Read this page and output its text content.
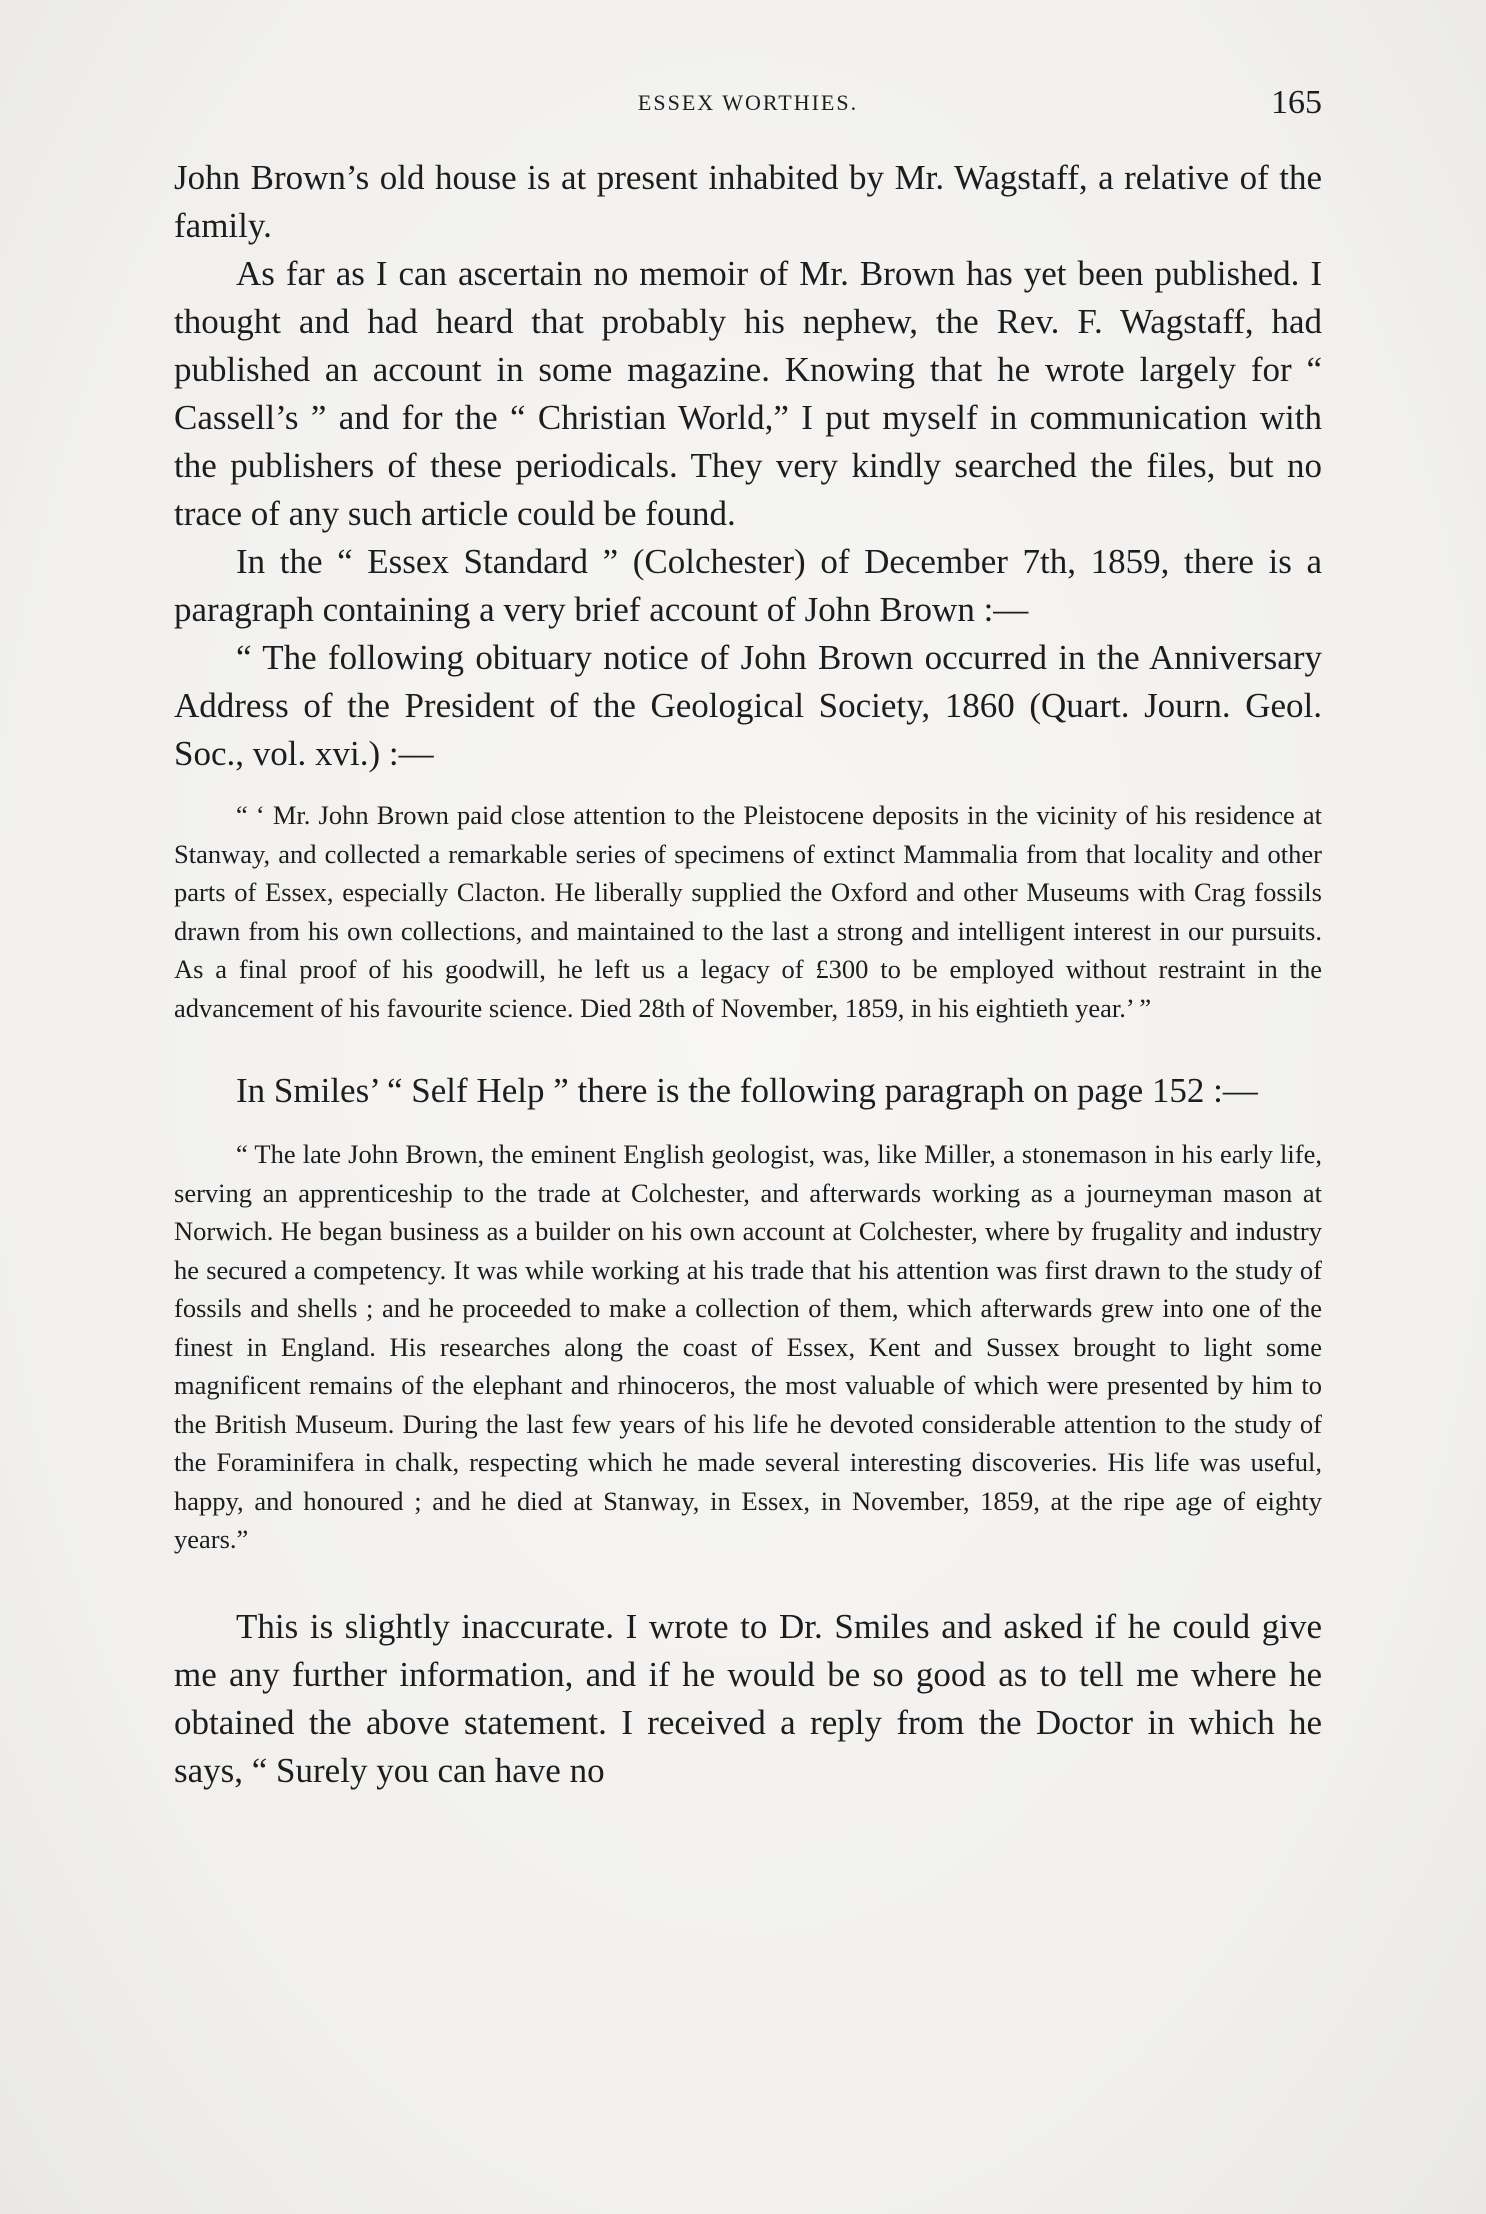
ESSEX WORTHIES.	165

John Brown’s old house is at present inhabited by Mr. Wagstaff, a relative of the family.

As far as I can ascertain no memoir of Mr. Brown has yet been published. I thought and had heard that probably his nephew, the Rev. F. Wagstaff, had published an account in some magazine. Knowing that he wrote largely for “ Cassell’s ” and for the “ Christian World,” I put myself in communication with the publishers of these periodicals. They very kindly searched the files, but no trace of any such article could be found.

In the “ Essex Standard ” (Colchester) of December 7th, 1859, there is a paragraph containing a very brief account of John Brown :—

“ The following obituary notice of John Brown occurred in the Anniversary Address of the President of the Geological Society, 1860 (Quart. Journ. Geol. Soc., vol. xvi.) :—

“ ‘ Mr. John Brown paid close attention to the Pleistocene deposits in the vicinity of his residence at Stanway, and collected a remarkable series of specimens of extinct Mammalia from that locality and other parts of Essex, especially Clacton. He liberally supplied the Oxford and other Museums with Crag fossils drawn from his own collections, and maintained to the last a strong and intelligent interest in our pursuits. As a final proof of his goodwill, he left us a legacy of £300 to be employed without restraint in the advancement of his favourite science. Died 28th of November, 1859, in his eightieth year.’ ”

In Smiles’ “ Self Help ” there is the following paragraph on page 152 :—

“ The late John Brown, the eminent English geologist, was, like Miller, a stonemason in his early life, serving an apprenticeship to the trade at Colchester, and afterwards working as a journeyman mason at Norwich. He began business as a builder on his own account at Colchester, where by frugality and industry he secured a competency. It was while working at his trade that his attention was first drawn to the study of fossils and shells ; and he proceeded to make a collection of them, which afterwards grew into one of the finest in England. His researches along the coast of Essex, Kent and Sussex brought to light some magnificent remains of the elephant and rhinoceros, the most valuable of which were presented by him to the British Museum. During the last few years of his life he devoted considerable attention to the study of the Foraminifera in chalk, respecting which he made several interesting discoveries. His life was useful, happy, and honoured ; and he died at Stanway, in Essex, in November, 1859, at the ripe age of eighty years.”

This is slightly inaccurate. I wrote to Dr. Smiles and asked if he could give me any further information, and if he would be so good as to tell me where he obtained the above statement. I received a reply from the Doctor in which he says, “ Surely you can have no
